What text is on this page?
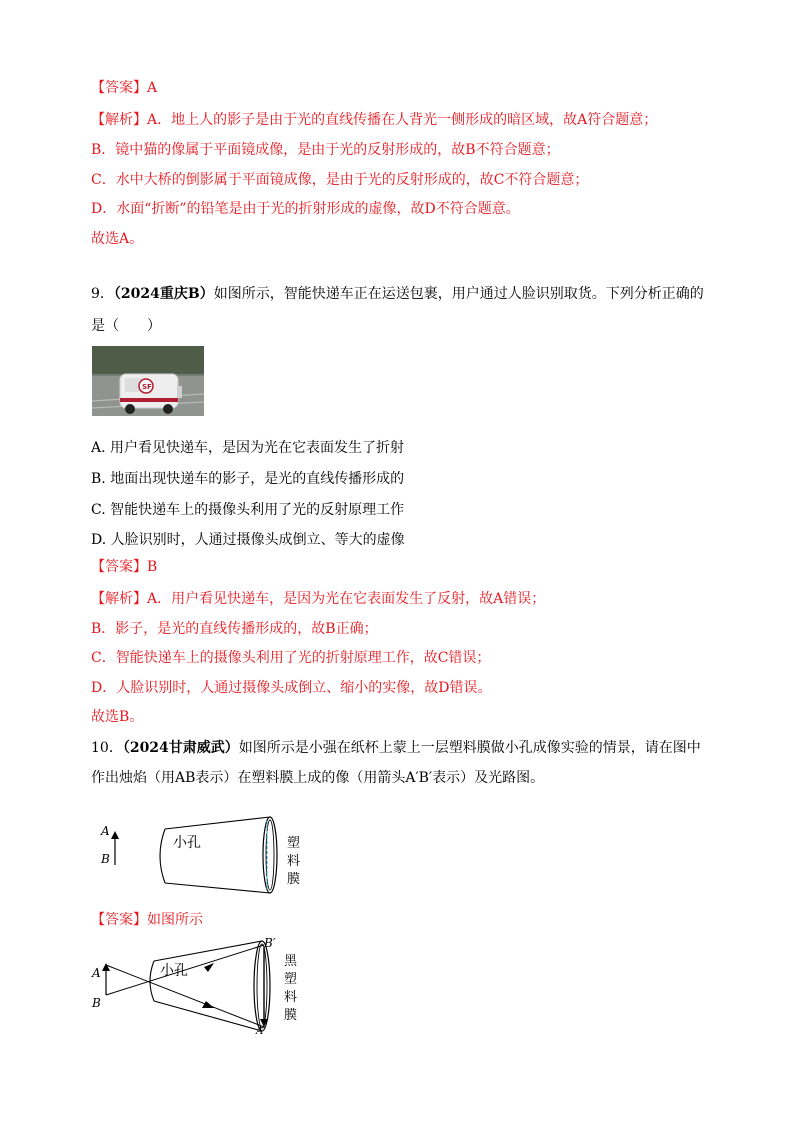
【答案】A
【解析】A．地上人的影子是由于光的直线传播在人背光一侧形成的暗区域，故A符合题意；
B．镜中猫的像属于平面镜成像，是由于光的反射形成的，故B不符合题意；
C．水中大桥的倒影属于平面镜成像，是由于光的反射形成的，故C不符合题意；
D．水面“折断”的铅笔是由于光的折射形成的虚像，故D不符合题意。
故选A。
9．（2024重庆B）如图所示，智能快递车正在运送包裹，用户通过人脸识别取货。下列分析正确的
是（　　）
SF
A. 用户看见快递车，是因为光在它表面发生了折射
B. 地面出现快递车的影子，是光的直线传播形成的
C. 智能快递车上的摄像头利用了光的反射原理工作
D. 人脸识别时，人通过摄像头成倒立、等大的虚像
【答案】B
【解析】A．用户看见快递车，是因为光在它表面发生了反射，故A错误；
B．影子，是光的直线传播形成的，故B正确；
C．智能快递车上的摄像头利用了光的折射原理工作，故C错误；
D．人脸识别时，人通过摄像头成倒立、缩小的实像，故D错误。
故选B。
10．（2024甘肃威武）如图所示是小强在纸杯上蒙上一层塑料膜做小孔成像实验的情景，请在图中
作出烛焰（用AB表示）在塑料膜上成的像（用箭头A′B′表示）及光路图。
A
B
小孔	塑
料
膜
【答案】如图所示
A
B
B′
A′
小孔
黑
塑
料
膜
